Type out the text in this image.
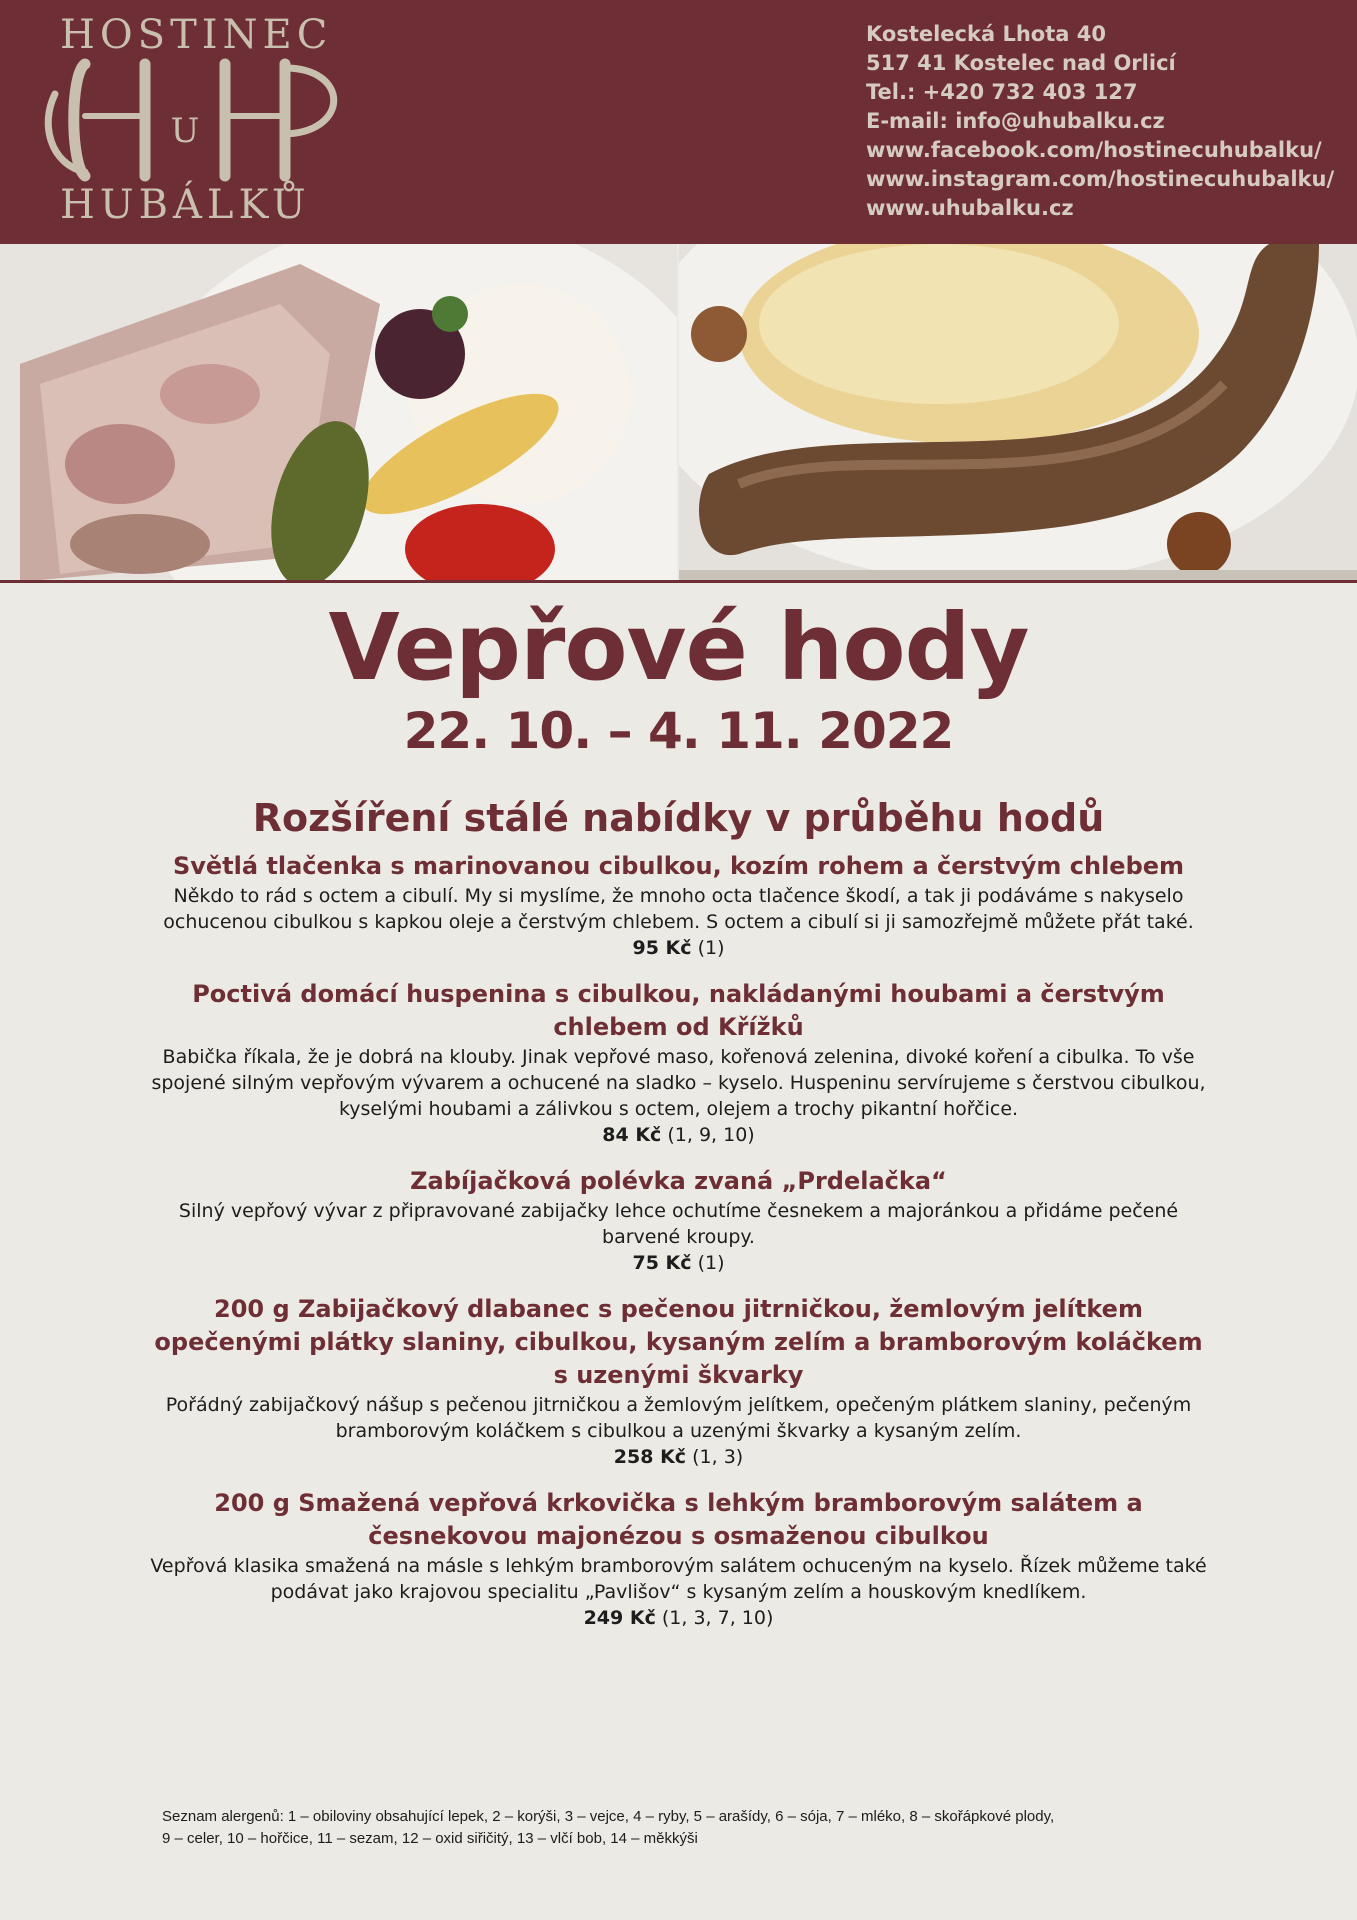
HOSTINEC
U
HUBÁLKŮ
Kostelecká Lhota 40
517 41 Kostelec nad Orlicí
Tel.: +420 732 403 127
E-mail: info@uhubalku.cz
www.facebook.com/hostinecuhubalku/
www.instagram.com/hostinecuhubalku/
www.uhubalku.cz
Vepřové hody
22. 10. – 4. 11. 2022
Rozšíření stálé nabídky v průběhu hodů
Světlá tlačenka s marinovanou cibulkou, kozím rohem a čerstvým chlebem
Někdo to rád s octem a cibulí. My si myslíme, že mnoho octa tlačence škodí, a tak ji podáváme s nakyselo ochucenou cibulkou s kapkou oleje a čerstvým chlebem. S octem a cibulí si ji samozřejmě můžete přát také.
95 Kč (1)
Poctivá domácí huspenina s cibulkou, nakládanými houbami a čerstvým chlebem od Křížků
Babička říkala, že je dobrá na klouby. Jinak vepřové maso, kořenová zelenina, divoké koření a cibulka. To vše spojené silným vepřovým vývarem a ochucené na sladko – kyselo. Huspeninu servírujeme s čerstvou cibulkou, kyselými houbami a zálivkou s octem, olejem a trochy pikantní hořčice.
84 Kč (1, 9, 10)
Zabíjačková polévka zvaná „Prdelačka“
Silný vepřový vývar z připravované zabijačky lehce ochutíme česnekem a majoránkou a přidáme pečené barvené kroupy.
75 Kč (1)
200 g Zabijačkový dlabanec s pečenou jitrničkou, žemlovým jelítkem opečenými plátky slaniny, cibulkou, kysaným zelím a bramborovým koláčkem s uzenými škvarky
Pořádný zabijačkový nášup s pečenou jitrničkou a žemlovým jelítkem, opečeným plátkem slaniny, pečeným bramborovým koláčkem s cibulkou a uzenými škvarky a kysaným zelím.
258 Kč (1, 3)
200 g Smažená vepřová krkovička s lehkým bramborovým salátem a česnekovou majonézou s osmaženou cibulkou
Vepřová klasika smažená na másle s lehkým bramborovým salátem ochuceným na kyselo. Řízek můžeme také podávat jako krajovou specialitu „Pavlišov“ s kysaným zelím a houskovým knedlíkem.
249 Kč (1, 3, 7, 10)
Seznam alergenů: 1 – obiloviny obsahující lepek, 2 – korýši, 3 – vejce, 4 – ryby, 5 – arašídy, 6 – sója, 7 – mléko, 8 – skořápkové plody,
9 – celer, 10 – hořčice, 11 – sezam, 12 – oxid siřičitý, 13 – vlčí bob, 14 – měkkýši
